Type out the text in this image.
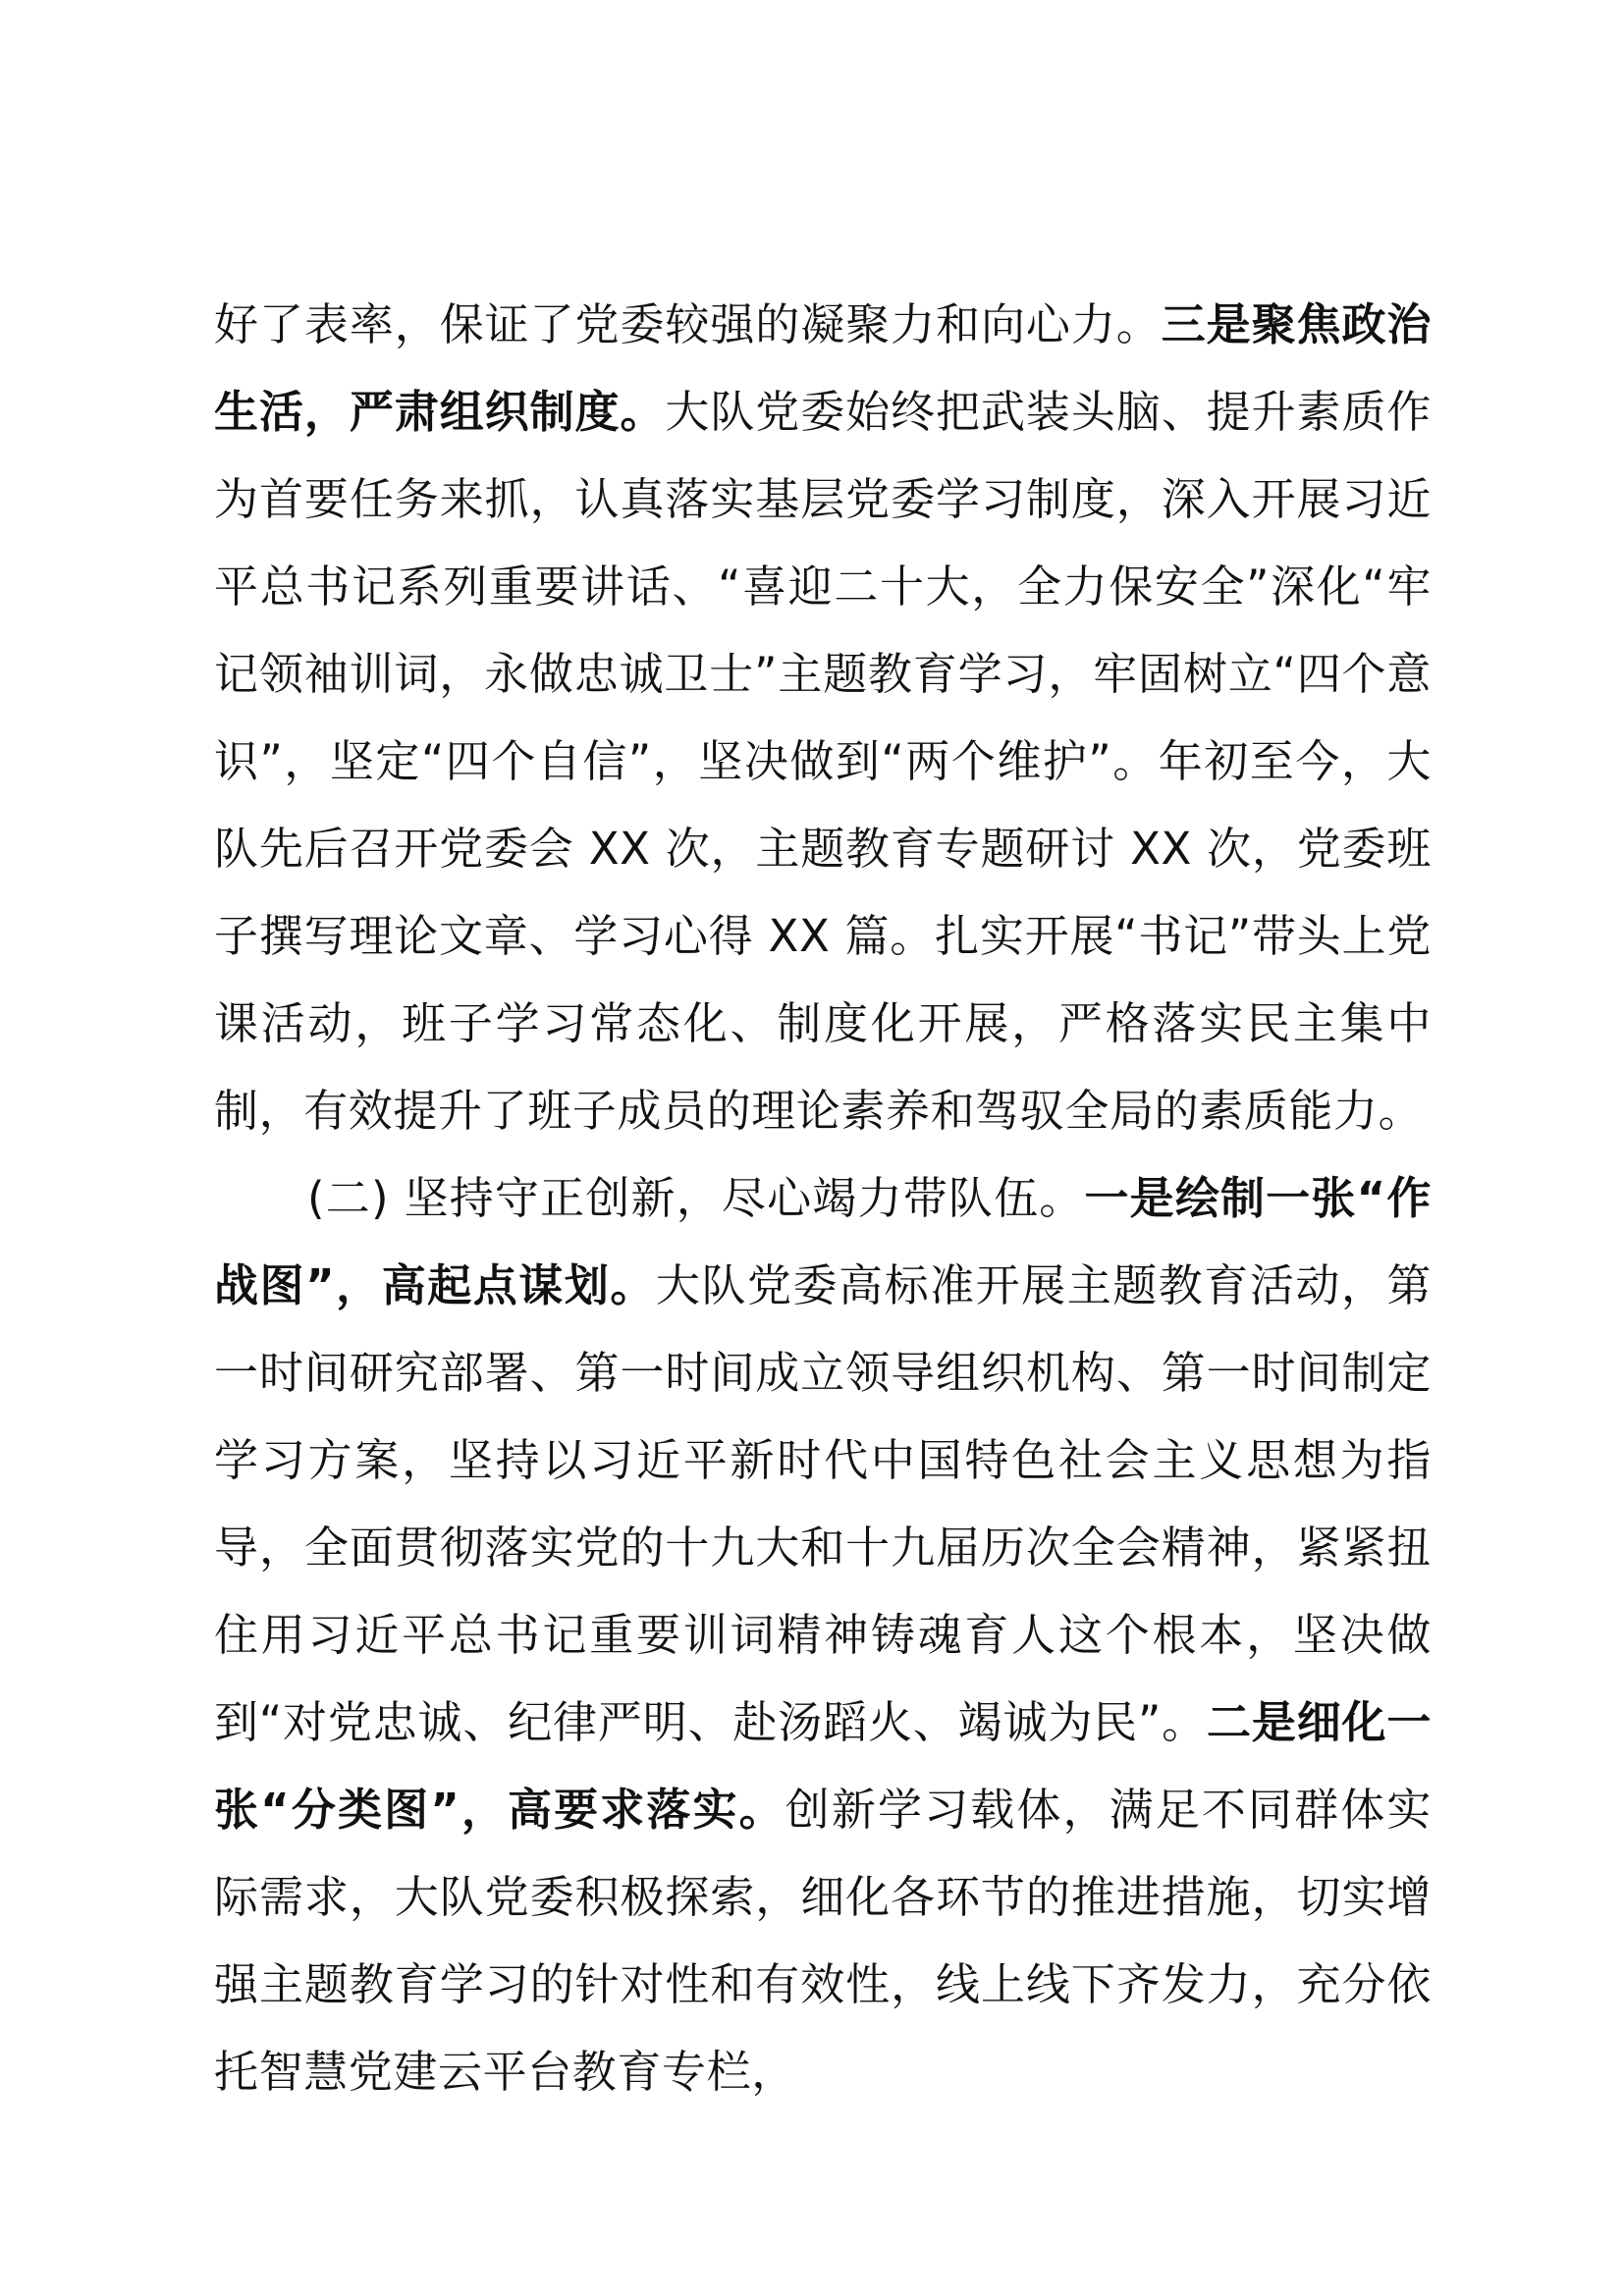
好了表率，保证了党委较强的凝聚力和向心力。三是聚焦政治生活，严肃组织制度。大队党委始终把武装头脑、提升素质作为首要任务来抓，认真落实基层党委学习制度，深入开展习近平总书记系列重要讲话、“喜迎二十大，全力保安全”深化“牢记领袖训词，永做忠诚卫士”主题教育学习，牢固树立“四个意识”，坚定“四个自信”，坚决做到“两个维护”。年初至今，大队先后召开党委会 XX 次，主题教育专题研讨 XX 次，党委班子撰写理论文章、学习心得 XX 篇。扎实开展“书记”带头上党课活动，班子学习常态化、制度化开展，严格落实民主集中制，有效提升了班子成员的理论素养和驾驭全局的素质能力。

(二) 坚持守正创新，尽心竭力带队伍。一是绘制一张“作战图”，高起点谋划。大队党委高标准开展主题教育活动，第一时间研究部署、第一时间成立领导组织机构、第一时间制定学习方案，坚持以习近平新时代中国特色社会主义思想为指导，全面贯彻落实党的十九大和十九届历次全会精神，紧紧扭住用习近平总书记重要训词精神铸魂育人这个根本，坚决做到“对党忠诚、纪律严明、赴汤蹈火、竭诚为民”。二是细化一张“分类图”，高要求落实。创新学习载体，满足不同群体实际需求，大队党委积极探索，细化各环节的推进措施，切实增强主题教育学习的针对性和有效性，线上线下齐发力，充分依托智慧党建云平台教育专栏，
